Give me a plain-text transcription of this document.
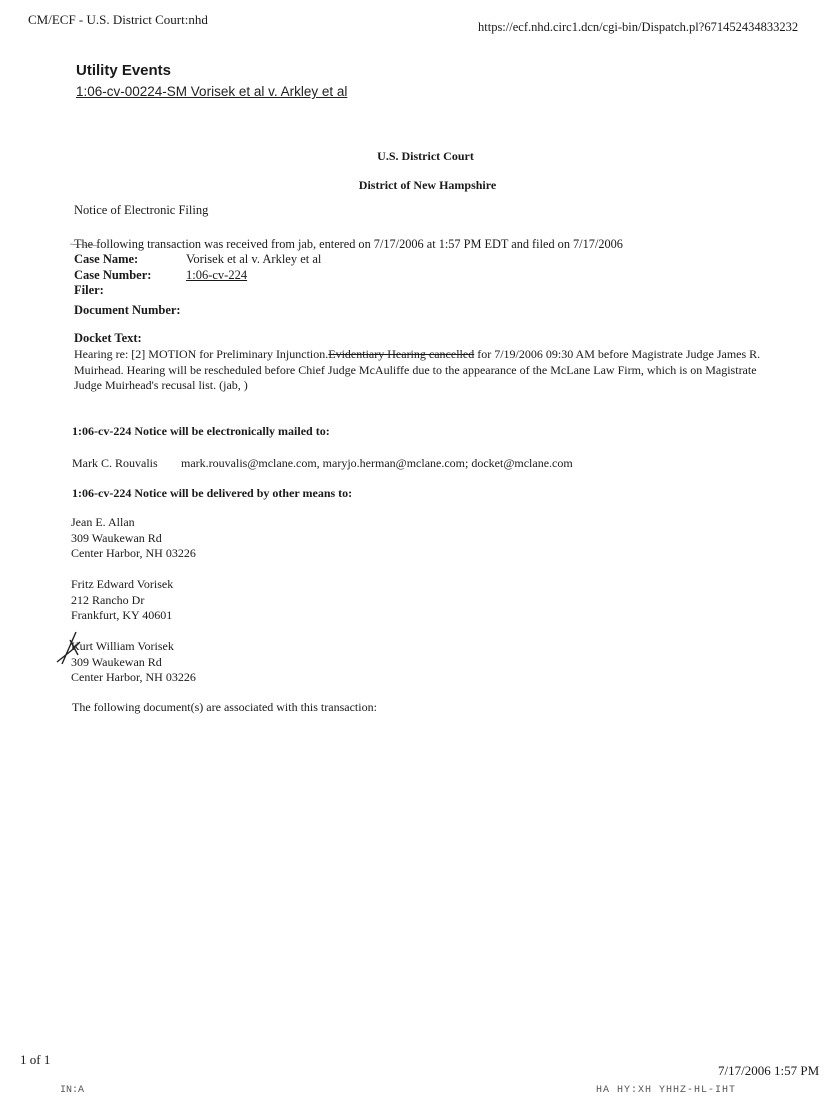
CM/ECF - U.S. District Court:nhd	https://ecf.nhd.circ1.dcn/cgi-bin/Dispatch.pl?671452434833232
Utility Events
1:06-cv-00224-SM Vorisek et al v. Arkley et al
U.S. District Court
District of New Hampshire
Notice of Electronic Filing
The following transaction was received from jab, entered on 7/17/2006 at 1:57 PM EDT and filed on 7/17/2006
Case Name:	Vorisek et al v. Arkley et al
Case Number:	1:06-cv-224
Filer:
Document Number:
Docket Text:
Hearing re: [2] MOTION for Preliminary Injunction.Evidentiary Hearing cancelled for 7/19/2006 09:30 AM before Magistrate Judge James R. Muirhead. Hearing will be rescheduled before Chief Judge McAuliffe due to the appearance of the McLane Law Firm, which is on Magistrate Judge Muirhead's recusal list. (jab, )
1:06-cv-224 Notice will be electronically mailed to:
Mark C. Rouvalis mark.rouvalis@mclane.com, maryjo.herman@mclane.com; docket@mclane.com
1:06-cv-224 Notice will be delivered by other means to:
Jean E. Allan
309 Waukewan Rd
Center Harbor, NH 03226
Fritz Edward Vorisek
212 Rancho Dr
Frankfurt, KY 40601
Kurt William Vorisek
309 Waukewan Rd
Center Harbor, NH 03226
The following document(s) are associated with this transaction:
1 of 1
7/17/2006 1:57 PM
IN:A	HA HY:XH YHHZ-HL-IHT
